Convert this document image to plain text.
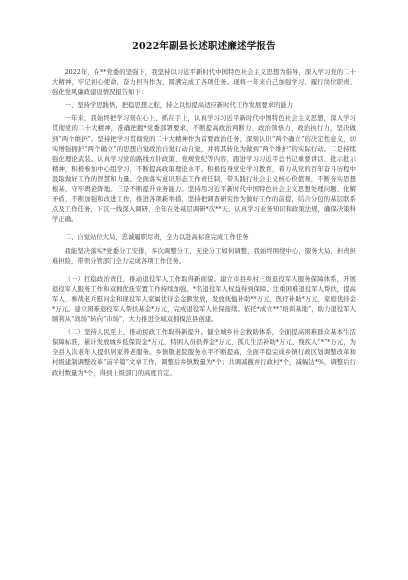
2022年副县长述职述廉述学报告

2022年，在**党委的坚强下，我坚持以习近平新时代中国特色社会主义思想为指导，深入学习党的二十大精神，牢记初心使命，奋力担当作为，圆满完成了各项任务。现将一年来自己加强学习、履行岗位职责、强化党风廉政建设情况报告如下：

一、坚持学思践悟，把稳思想之舵，持之以恒提高适应新时代工作发展要求的能力

一年来，我始终把学习刻在心上、抓在手上，认真学习习近平新时代中国特色社会主义思想，深入学习贯彻党的二十大精神，准确把握*党委部署要求，不断提高政治判断力、政治领悟力、政治执行力，坚决做到“两个维护”。坚持把学习贯彻党的二十大精神作为首要政治任务，深刻认识“两个确立”的决定性意义，切实增强拥护“两个确立”的思想自觉政治自觉行动自觉，并将其转化为做到“两个维护”的实际行动。二是持续强化理论武装。认真学习党的路线方针政策、党规党纪等内容，跟进学习习近平总书记重要讲话、批示批示精神，积极参加中心组学习，不断提高政策理论水平。积极投身党史学习教育，着力从党的百年奋斗历程中汲取做好工作的智慧和力量。全面落实意识形态工作责任制，带头践行社会主义核心价值观，不断夯实思想根基，守牢舆论阵地。三是不断提升业务能力。坚持用习近平新时代中国特色社会主义思想处理问题、化解矛盾，不断加强和改进工作，推进各项新举措，坚持把调查研究作为做好工作的前提，结合分包的基层联系点及工作任务，下沉一线深入调研，全年在处基层调研*次**天，认真学习业务知识和政策法规，确保决策科学正确。

二、自觉站位大局，忠诚履职尽责，全力以赴高标准完成工作任务

我能坚决落实*党委分工安排，多次调整分工，无论分工如何调整，我始终围绕中心，服务大局，担责担难担险，带领分管部门全力完成各项工作任务。

（一）扛稳政治责任，推动退役军人工作取得新面貌。建立市县乡村三级退役军人服务保障体系，开展退役军人服务工作和双拥优抚安置工作持续加强。*名退役军人权益得到保障。注重困难退役军人帮扶，提高军人、参战老兵慰问金和现役军人家属优待金金额发放，发放抚恤补助**万元、医疗补助*万元、家庭优待金*万元。建立困难退役军人帮扶基金*万元，完成退役军人社保接续。依托*成立**“培训基地”，助力退役军人顺利从“战场”转向“市场”，大力推进全域双拥模范县创建。

（二）坚持人民至上，推动民政工作取得新提升。健全城乡社会救助体系，全面提高困难群众基本生活保障标准，累计发放城乡低保资金*万元，特困人员供养金*万元、孤儿生活补助*万元、残疾人“*”*万元，为全县入次老年人提供居家养老服务。乡镇敬老院服务水平不断提高，全面平稳完成乡镇行政区划调整改革和村级建制调整改革“前半篇”文章工作，调整后乡镇数量为*个；共调减撤并行政村*个，减幅达*%，调整后行政村数量为*个，得到上级部门的高度肯定。
